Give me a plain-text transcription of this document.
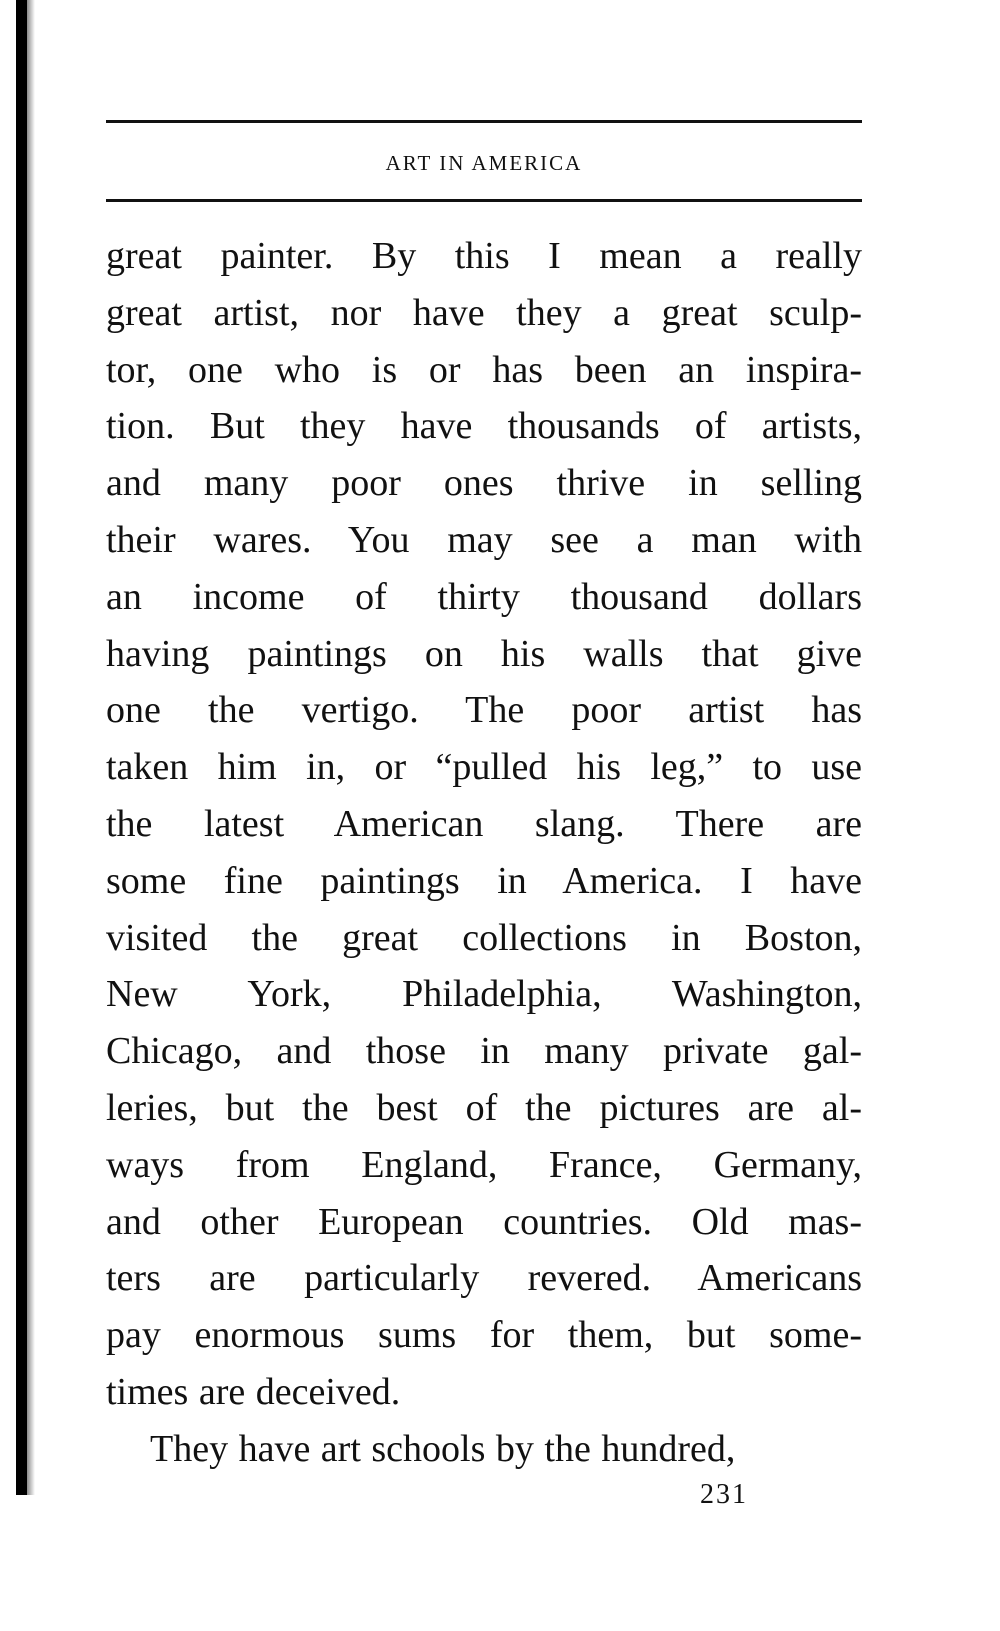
ART IN AMERICA
great painter. By this I mean a really
great artist, nor have they a great sculp-
tor, one who is or has been an inspira-
tion. But they have thousands of artists,
and many poor ones thrive in selling
their wares. You may see a man with
an income of thirty thousand dollars
having paintings on his walls that give
one the vertigo. The poor artist has
taken him in, or “pulled his leg,” to use
the latest American slang. There are
some fine paintings in America. I have
visited the great collections in Boston,
New York, Philadelphia, Washington,
Chicago, and those in many private gal-
leries, but the best of the pictures are al-
ways from England, France, Germany,
and other European countries. Old mas-
ters are particularly revered. Americans
pay enormous sums for them, but some-
times are deceived.
They have art schools by the hundred,
231
